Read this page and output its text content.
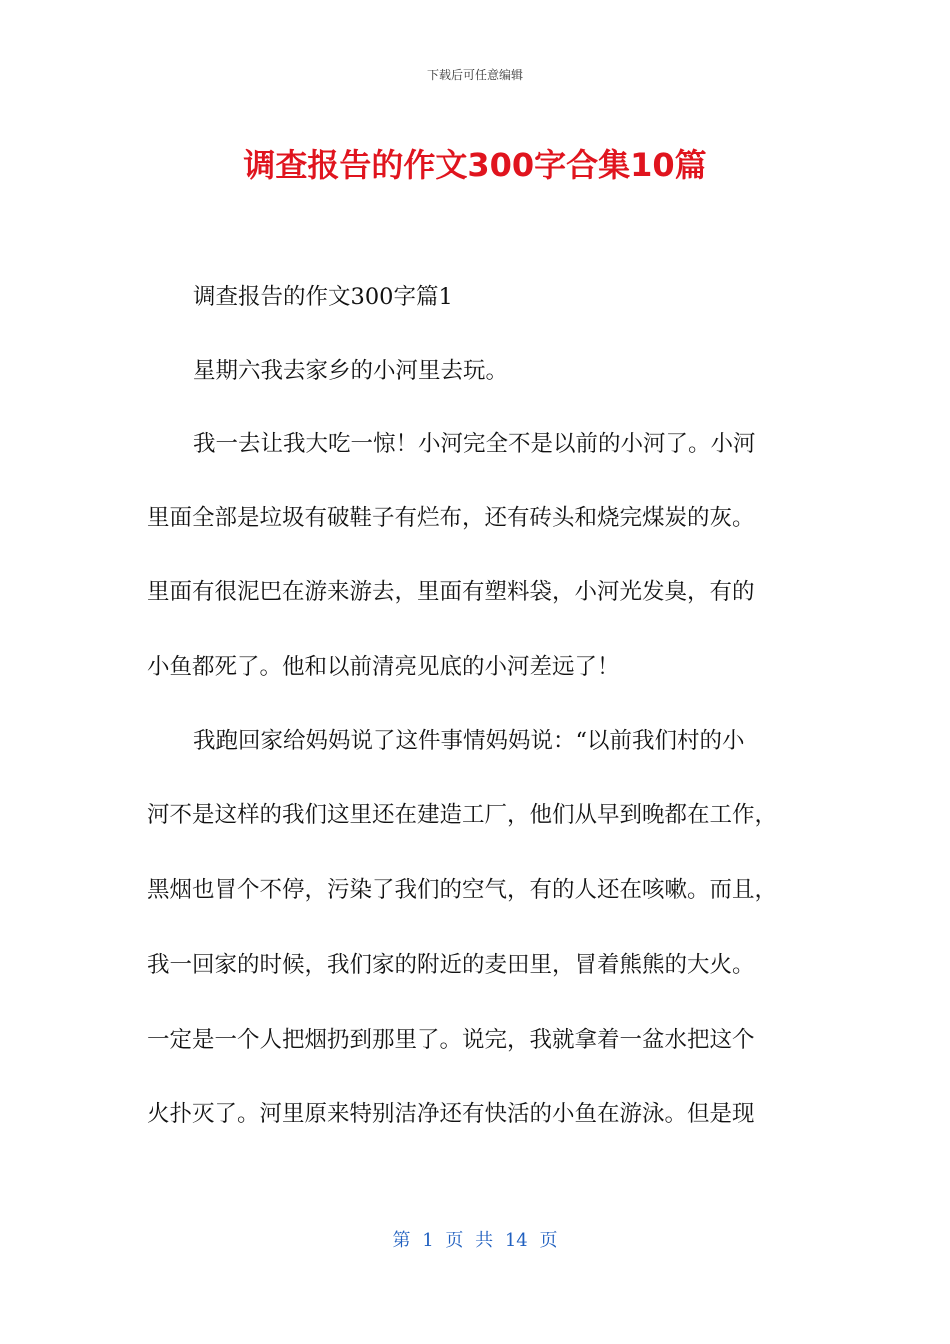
下载后可任意编辑
调查报告的作文300字合集10篇
调查报告的作文300字篇1
星期六我去家乡的小河里去玩。
我一去让我大吃一惊！小河完全不是以前的小河了。小河
里面全部是垃圾有破鞋子有烂布，还有砖头和烧完煤炭的灰。
里面有很泥巴在游来游去，里面有塑料袋，小河光发臭，有的
小鱼都死了。他和以前清亮见底的小河差远了！
我跑回家给妈妈说了这件事情妈妈说：“以前我们村的小
河不是这样的我们这里还在建造工厂，他们从早到晚都在工作，
黑烟也冒个不停，污染了我们的空气，有的人还在咳嗽。而且，
我一回家的时候，我们家的附近的麦田里，冒着熊熊的大火。
一定是一个人把烟扔到那里了。说完，我就拿着一盆水把这个
火扑灭了。河里原来特别洁净还有快活的小鱼在游泳。但是现
第 1 页 共 14 页
